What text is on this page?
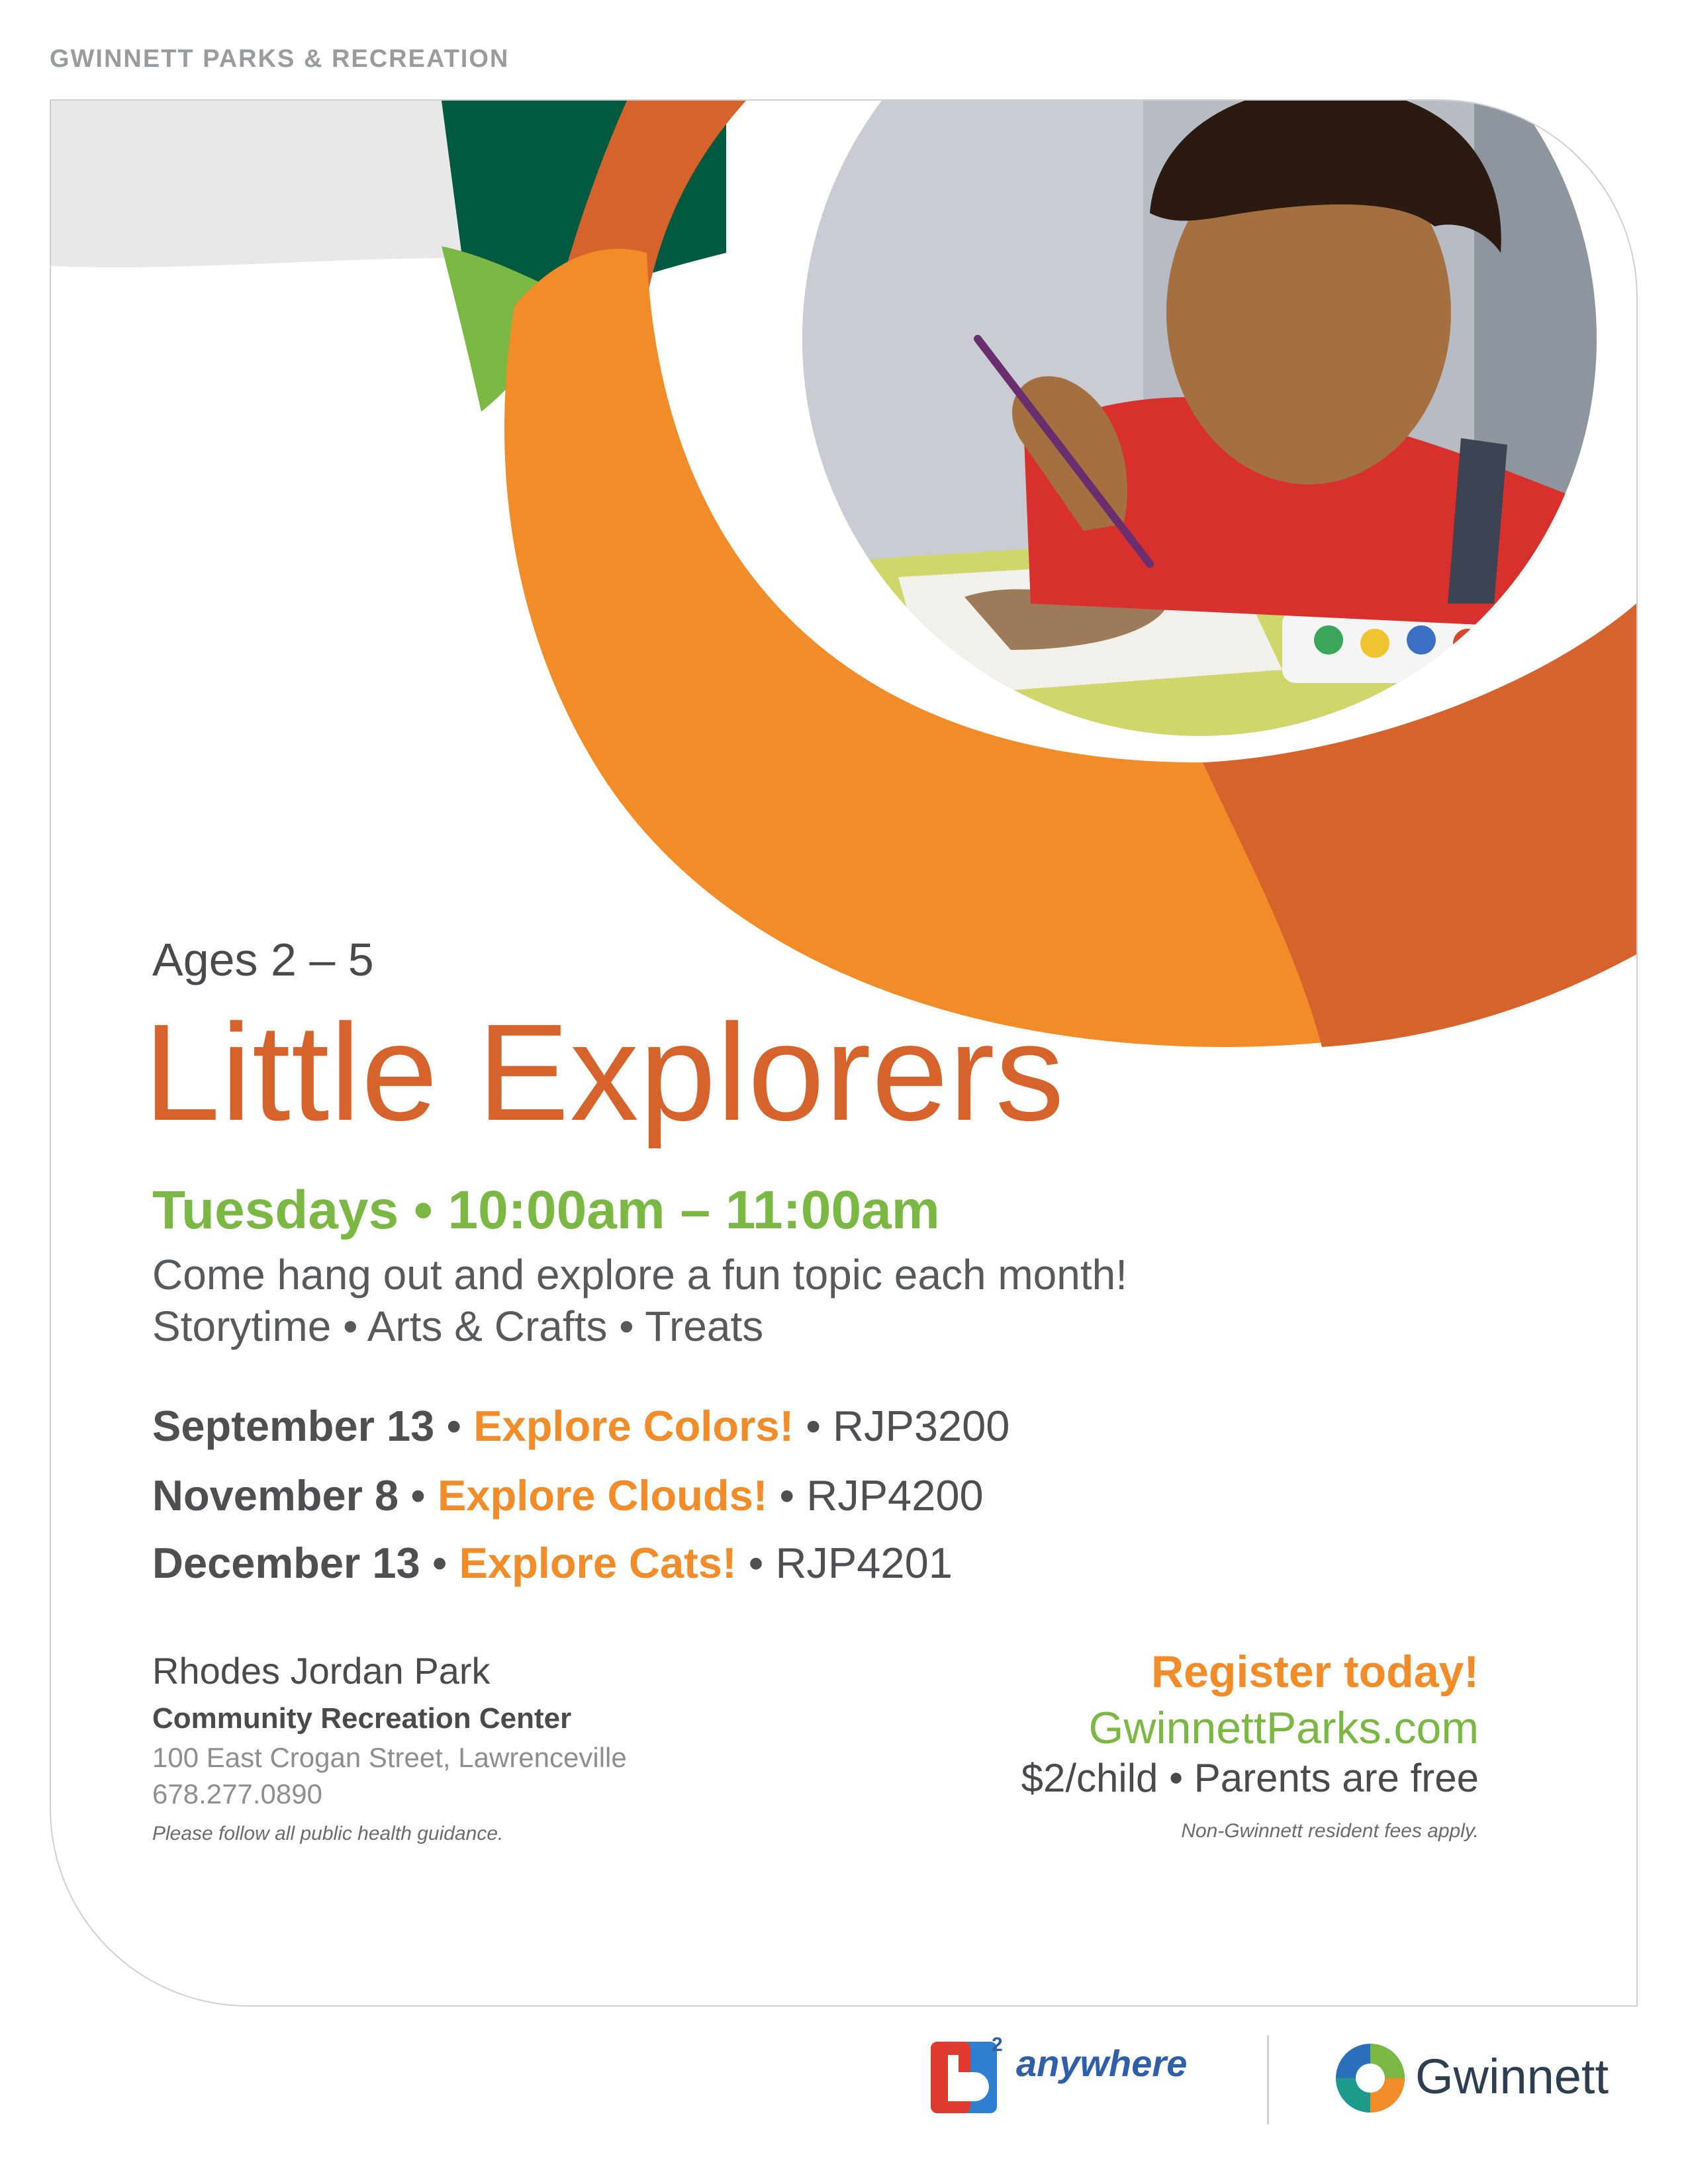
GWINNETT PARKS & RECREATION
Ages 2 – 5
Little Explorers
Tuesdays • 10:00am – 11:00am
Come hang out and explore a fun topic each month!
Storytime • Arts & Crafts • Treats
September 13 • Explore Colors! • RJP3200
November 8 • Explore Clouds! • RJP4200
December 13 • Explore Cats! • RJP4201
Rhodes Jordan Park
Community Recreation Center
100 East Crogan Street, Lawrenceville
678.277.0890
Please follow all public health guidance.
Register today!
GwinnettParks.com
$2/child • Parents are free
Non-Gwinnett resident fees apply.
2 anywhere	Gwinnett
